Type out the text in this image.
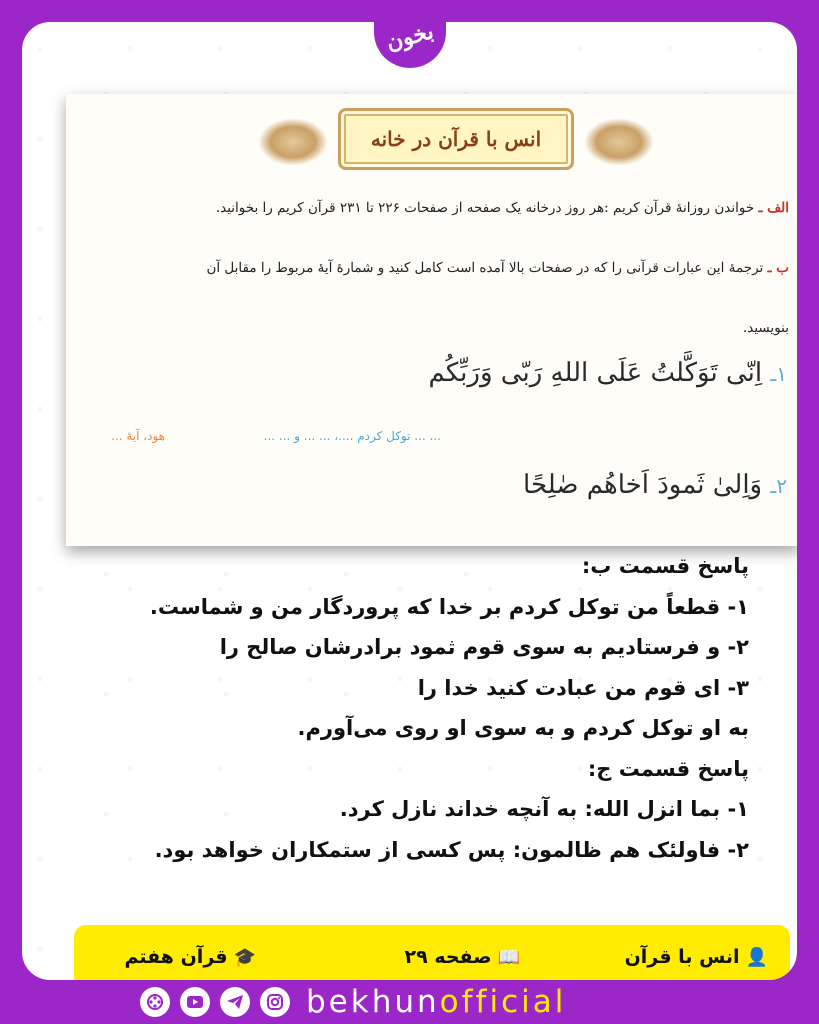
انس با قرآن در خانه
الف ـ خواندن روزانهٔ قرآن کریم :هر روز درخانه یک صفحه از صفحات ۲۲۶ تا ۲۳۱ قرآن کریم را بخوانید.
ب ـ ترجمهٔ این عبارات قرآنی را که در صفحات بالا آمده است کامل کنید و شمارهٔ آیهٔ مربوط را مقابل آن
بنویسید.
۱ـ اِنّی تَوَکَّلتُ عَلَی اللهِ رَبّی وَرَبِّکُم
... ... توکل کردم ....، ... ... و ... ...
هود، آیهٔ ...
۲ـ وَاِلیٰ ثَمودَ اَخاهُم صٰلِحًا
👤
انس با قرآن
📖
صفحه ۲۹
🎓
قرآن هفتم
بخون
پاسخ قسمت ب:
۱- قطعاً من توکل کردم بر خدا که پروردگار من و شماست.
۲- و فرستادیم به سوی قوم ثمود برادرشان صالح را
۳- ای قوم من عبادت کنید خدا را
به او توکل کردم و به سوی او روی می‌آورم.
پاسخ قسمت ج:
۱- بما انزل الله: به آنچه خداند نازل کرد.
۲- فاولئک هم ظالمون: پس کسی از ستمکاران خواهد بود.
bekhunofficial
